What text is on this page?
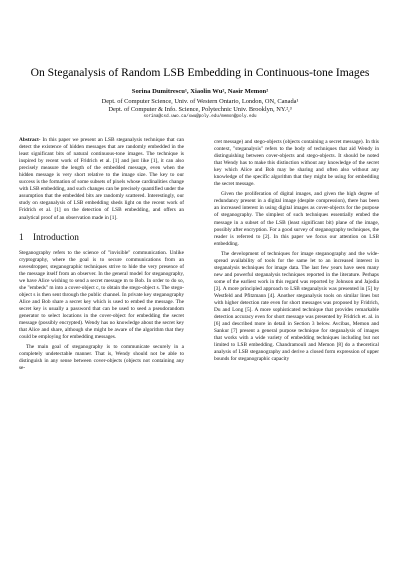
On Steganalysis of Random LSB Embedding in Continuous-tone Images
Sorina Dumitrescu¹, Xiaolin Wu², Nasir Memon²
Dept. of Computer Science, Univ. of Western Ontario, London, ON, Canada¹
Dept. of Computer & Info. Science, Polytechnic Univ. Brooklyn, NY.²,³
sorina@csd.uwo.ca/xwu@poly.edu/memon@poly.edu

Abstract- In this paper we present an LSB steganalysis technique that can detect the existence of hidden messages that are randomly embedded in the least significant bits of natural continuous-tone images. The technique is inspired by recent work of Fridrich et al. [1] and just like [1], it can also precisely measure the length of the embedded message, even when the hidden message is very short relative to the image size. The key to our success is the formation of some subsets of pixels whose cardinalities change with LSB embedding, and such changes can be precisely quantified under the assumption that the embedded bits are randomly scattered. Interestingly, our study on steganalysis of LSB embedding sheds light on the recent work of Fridrich et al. [1] on the detection of LSB embedding, and offers an analytical proof of an observation made in [1].

1 Introduction

Steganography refers to the science of "invisible" communication. Unlike cryptography, where the goal is to secure communications from an eavesdropper, steganographic techniques strive to hide the very presence of the message itself from an observer. In the general model for steganography, we have Alice wishing to send a secret message m to Bob. In order to do so, she "embeds" m into a cover-object c, to obtain the stego-object s. The stego-object s is then sent through the public channel. In private key steganography Alice and Bob share a secret key which is used to embed the message. The secret key is usually a password that can be used to seed a pseudorandom generator to select locations in the cover-object for embedding the secret message (possibly encrypted). Wendy has no knowledge about the secret key that Alice and share, although she might be aware of the algorithm that they could be employing for embedding messages.

The main goal of steganography is to communicate securely in a completely undetectable manner. That is, Wendy should not be able to distinguish in any sense between cover-objects (objects not containing any se-

cret message) and stego-objects (objects containing a secret message). In this context, "steganalysis" refers to the body of techniques that aid Wendy in distinguishing between cover-objects and stego-objects. It should be noted that Wendy has to make this distinction without any knowledge of the secret key which Alice and Bob may be sharing and often also without any knowledge of the specific algorithm that they might be using for embedding the secret message.

Given the proliferation of digital images, and given the high degree of redundancy present in a digital image (despite compression), there has been an increased interest in using digital images as cover-objects for the purpose of steganography. The simplest of such techniques essentially embed the message in a subset of the LSB (least significant bit) plane of the image, possibly after encryption. For a good survey of steganography techniques, the reader is referred to [2]. In this paper we focus our attention on LSB embedding.

The development of techniques for image steganography and the wide-spread availability of tools for the same let to an increased interest in steganalysis techniques for image data. The last few years have seen many new and powerful steganalysis techniques reported in the literature. Perhaps some of the earliest work in this regard was reported by Johnson and Jajodia [3]. A more principled approach to LSB steganalysis was presented in [5] by Westfeld and Pfitzmann [4]. Another steganalysis tools on similar lines but with higher detection rate even for short messages was proposed by Fridrich, Du and Long [5]. A more sophisticated technique that provides remarkable detection accuracy even for short message was presented by Fridrich et. al. in [6] and described more in detail in Section 3 below. Avcibas, Memon and Sankur [7] present a general purpose technique for steganalysis of images that works with a wide variety of embedding techniques including but not limited to LSB embedding. Chandramouli and Memon [8] do a theoretical analysis of LSB steganography and derive a closed form expression of upper bounds for steganographic capacity
